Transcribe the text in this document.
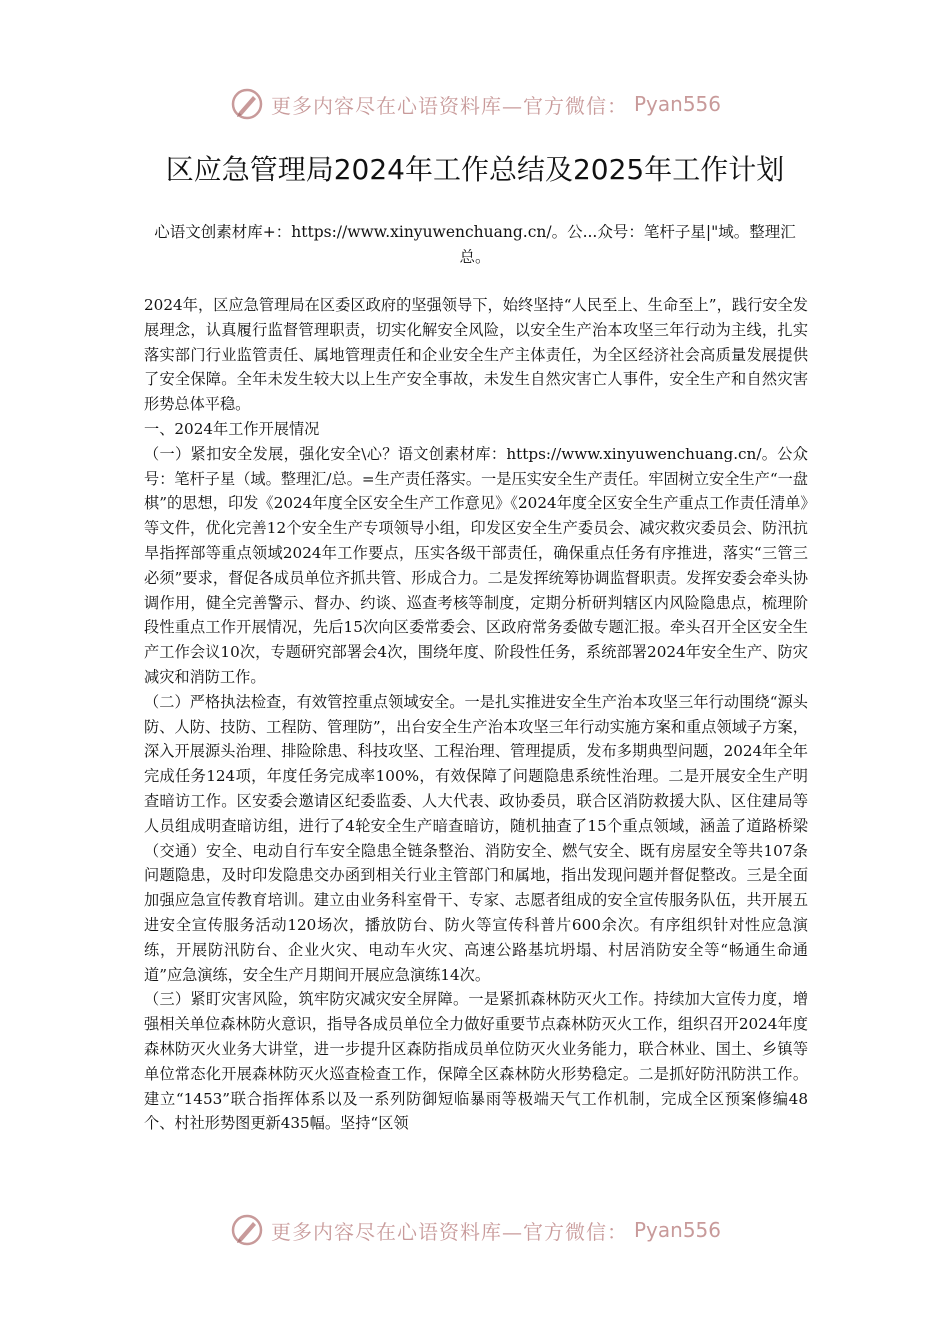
更多内容尽在心语资料库—官方微信： Pyan556
区应急管理局2024年工作总结及2025年工作计划

心语文创素材库+：https://www.xinyuwenchuang.cn/。公...众号：笔杆子星|"域。整理汇总。

2024年，区应急管理局在区委区政府的坚强领导下，始终坚持“人民至上、生命至上”，践行安全发展理念，认真履行监督管理职责，切实化解安全风险，以安全生产治本攻坚三年行动为主线，扎实落实部门行业监管责任、属地管理责任和企业安全生产主体责任，为全区经济社会高质量发展提供了安全保障。全年未发生较大以上生产安全事故，未发生自然灾害亡人事件，安全生产和自然灾害形势总体平稳。

一、2024年工作开展情况

（一）紧扣安全发展，强化安全\心？语文创素材库：https://www.xinyuwenchuang.cn/。公众号：笔杆子星（域。整理汇/总。=生产责任落实。一是压实安全生产责任。牢固树立安全生产“一盘棋”的思想，印发《2024年度全区安全生产工作意见》《2024年度全区安全生产重点工作责任清单》等文件，优化完善12个安全生产专项领导小组，印发区安全生产委员会、减灾救灾委员会、防汛抗旱指挥部等重点领域2024年工作要点，压实各级干部责任，确保重点任务有序推进，落实“三管三必须”要求，督促各成员单位齐抓共管、形成合力。二是发挥统筹协调监督职责。发挥安委会牵头协调作用，健全完善警示、督办、约谈、巡查考核等制度，定期分析研判辖区内风险隐患点，梳理阶段性重点工作开展情况，先后15次向区委常委会、区政府常务委做专题汇报。牵头召开全区安全生产工作会议10次，专题研究部署会4次，围绕年度、阶段性任务，系统部署2024年安全生产、防灾减灾和消防工作。

（二）严格执法检查，有效管控重点领域安全。一是扎实推进安全生产治本攻坚三年行动围绕“源头防、人防、技防、工程防、管理防”，出台安全生产治本攻坚三年行动实施方案和重点领域子方案，深入开展源头治理、排险除患、科技攻坚、工程治理、管理提质，发布多期典型问题，2024年全年完成任务124项，年度任务完成率100%，有效保障了问题隐患系统性治理。二是开展安全生产明查暗访工作。区安委会邀请区纪委监委、人大代表、政协委员，联合区消防救援大队、区住建局等人员组成明查暗访组，进行了4轮安全生产暗查暗访，随机抽查了15个重点领域，涵盖了道路桥梁（交通）安全、电动自行车安全隐患全链条整治、消防安全、燃气安全、既有房屋安全等共107条问题隐患，及时印发隐患交办函到相关行业主管部门和属地，指出发现问题并督促整改。三是全面加强应急宣传教育培训。建立由业务科室骨干、专家、志愿者组成的安全宣传服务队伍，共开展五进安全宣传服务活动120场次，播放防台、防火等宣传科普片600余次。有序组织针对性应急演练，开展防汛防台、企业火灾、电动车火灾、高速公路基坑坍塌、村居消防安全等“畅通生命通道”应急演练，安全生产月期间开展应急演练14次。

（三）紧盯灾害风险，筑牢防灾减灾安全屏障。一是紧抓森林防灭火工作。持续加大宣传力度，增强相关单位森林防火意识，指导各成员单位全力做好重要节点森林防灭火工作，组织召开2024年度森林防灭火业务大讲堂，进一步提升区森防指成员单位防灭火业务能力，联合林业、国土、乡镇等单位常态化开展森林防灭火巡查检查工作，保障全区森林防火形势稳定。二是抓好防汛防洪工作。建立“1453”联合指挥体系以及一系列防御短临暴雨等极端天气工作机制，完成全区预案修编48个、村社形势图更新435幅。坚持“区领

更多内容尽在心语资料库—官方微信： Pyan556
